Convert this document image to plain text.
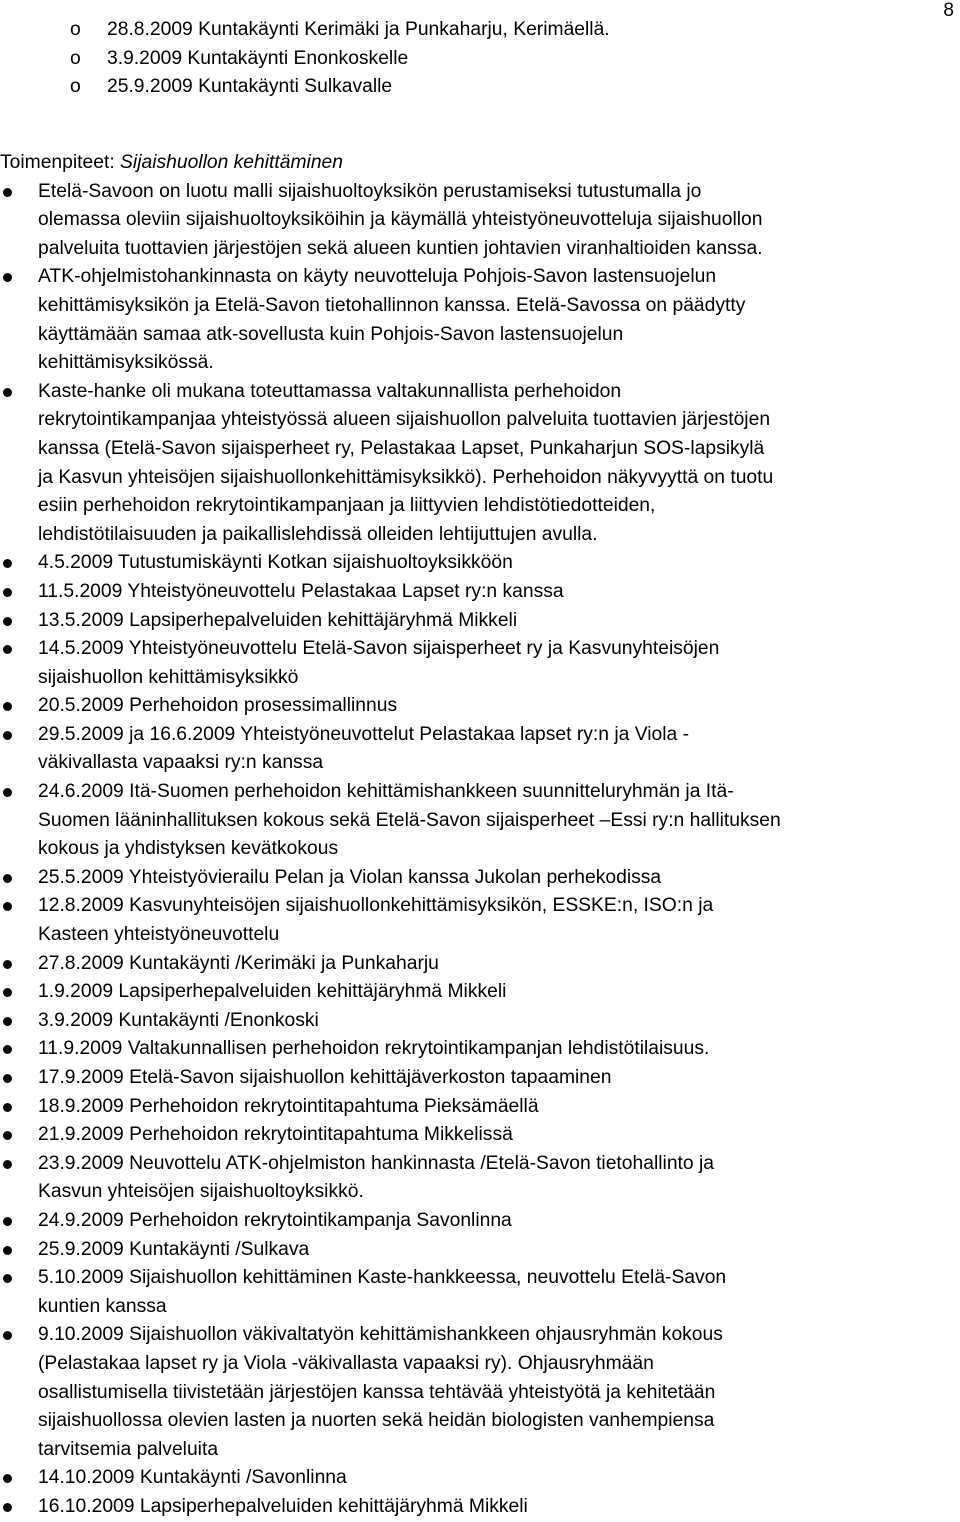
8
o	28.8.2009 Kuntakäynti Kerimäki ja Punkaharju, Kerimäellä.
o	3.9.2009 Kuntakäynti Enonkoskelle
o	25.9.2009 Kuntakäynti Sulkavalle
Toimenpiteet: Sijaishuollon kehittäminen
Etelä-Savoon on luotu malli sijaishuoltoyksikön perustamiseksi tutustumalla jo
olemassa oleviin sijaishuoltoyksiköihin ja käymällä yhteistyöneuvotteluja sijaishuollon
palveluita tuottavien järjestöjen sekä alueen kuntien johtavien viranhaltioiden kanssa.
ATK-ohjelmistohankinnasta on käyty neuvotteluja Pohjois-Savon lastensuojelun
kehittämisyksikön ja Etelä-Savon tietohallinnon kanssa. Etelä-Savossa on päädytty
käyttämään samaa atk-sovellusta kuin Pohjois-Savon lastensuojelun
kehittämisyksikössä.
Kaste-hanke oli mukana toteuttamassa valtakunnallista perhehoidon
rekrytointikampanjaa yhteistyössä alueen sijaishuollon palveluita tuottavien järjestöjen
kanssa (Etelä-Savon sijaisperheet ry, Pelastakaa Lapset, Punkaharjun SOS-lapsikylä
ja Kasvun yhteisöjen sijaishuollonkehittämisyksikkö). Perhehoidon näkyvyyttä on tuotu
esiin perhehoidon rekrytointikampanjaan ja liittyvien lehdistötiedotteiden,
lehdistötilaisuuden ja paikallislehdissä olleiden lehtijuttujen avulla.
4.5.2009 Tutustumiskäynti Kotkan sijaishuoltoyksikköön
11.5.2009 Yhteistyöneuvottelu Pelastakaa Lapset ry:n kanssa
13.5.2009 Lapsiperhepalveluiden kehittäjäryhmä Mikkeli
14.5.2009 Yhteistyöneuvottelu Etelä-Savon sijaisperheet ry ja Kasvunyhteisöjen
sijaishuollon kehittämisyksikkö
20.5.2009 Perhehoidon prosessimallinnus
29.5.2009 ja 16.6.2009 Yhteistyöneuvottelut Pelastakaa lapset ry:n ja Viola -
väkivallasta vapaaksi ry:n kanssa
24.6.2009 Itä-Suomen perhehoidon kehittämishankkeen suunnitteluryhmän ja Itä-
Suomen lääninhallituksen kokous sekä Etelä-Savon sijaisperheet –Essi ry:n hallituksen
kokous ja yhdistyksen kevätkokous
25.5.2009 Yhteistyövierailu Pelan ja Violan kanssa Jukolan perhekodissa
12.8.2009 Kasvunyhteisöjen sijaishuollonkehittämisyksikön, ESSKE:n, ISO:n ja
Kasteen yhteistyöneuvottelu
27.8.2009 Kuntakäynti /Kerimäki ja Punkaharju
1.9.2009 Lapsiperhepalveluiden kehittäjäryhmä Mikkeli
3.9.2009 Kuntakäynti /Enonkoski
11.9.2009 Valtakunnallisen perhehoidon rekrytointikampanjan lehdistötilaisuus.
17.9.2009 Etelä-Savon sijaishuollon kehittäjäverkoston tapaaminen
18.9.2009 Perhehoidon rekrytointitapahtuma Pieksämäellä
21.9.2009 Perhehoidon rekrytointitapahtuma Mikkelissä
23.9.2009 Neuvottelu ATK-ohjelmiston hankinnasta /Etelä-Savon tietohallinto ja
Kasvun yhteisöjen sijaishuoltoyksikkö.
24.9.2009 Perhehoidon rekrytointikampanja Savonlinna
25.9.2009 Kuntakäynti /Sulkava
5.10.2009 Sijaishuollon kehittäminen Kaste-hankkeessa, neuvottelu Etelä-Savon
kuntien kanssa
9.10.2009 Sijaishuollon väkivaltatyön kehittämishankkeen ohjausryhmän kokous
(Pelastakaa lapset ry ja Viola -väkivallasta vapaaksi ry). Ohjausryhmään
osallistumisella tiivistetään järjestöjen kanssa tehtävää yhteistyötä ja kehitetään
sijaishuollossa olevien lasten ja nuorten sekä heidän biologisten vanhempiensa
tarvitsemia palveluita
14.10.2009 Kuntakäynti /Savonlinna
16.10.2009 Lapsiperhepalveluiden kehittäjäryhmä Mikkeli
